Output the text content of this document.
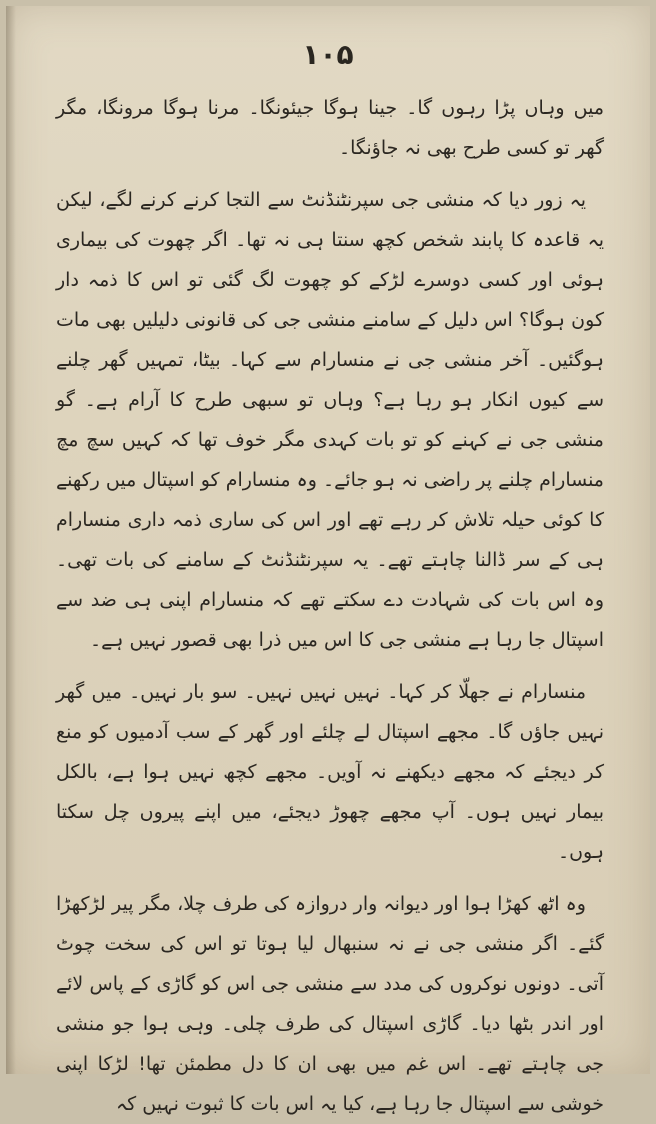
۱۰۵

میں وہاں پڑا رہوں گا۔ جینا ہوگا جیئونگا۔ مرنا ہوگا مرونگا، مگر گھر تو کسی طرح بھی نہ جاؤنگا۔

یہ زور دیا کہ منشی جی سپرنٹنڈنٹ سے التجا کرنے کرنے لگے، لیکن یہ قاعدہ کا پابند شخص کچھ سنتا ہی نہ تھا۔ اگر چھوت کی بیماری ہوئی اور کسی دوسرے لڑکے کو چھوت لگ گئی تو اس کا ذمہ دار کون ہوگا؟ اس دلیل کے سامنے منشی جی کی قانونی دلیلیں بھی مات ہوگئیں۔ آخر منشی جی نے منسارام سے کہا۔ بیٹا، تمہیں گھر چلنے سے کیوں انکار ہو رہا ہے؟ وہاں تو سبھی طرح کا آرام ہے۔ گو منشی جی نے کہنے کو تو بات کہدی مگر خوف تھا کہ کہیں سچ مچ منسارام چلنے پر راضی نہ ہو جائے۔ وہ منسارام کو اسپتال میں رکھنے کا کوئی حیلہ تلاش کر رہے تھے اور اس کی ساری ذمہ داری منسارام ہی کے سر ڈالنا چاہتے تھے۔ یہ سپرنٹنڈنٹ کے سامنے کی بات تھی۔ وہ اس بات کی شہادت دے سکتے تھے کہ منسارام اپنی ہی ضد سے اسپتال جا رہا ہے منشی جی کا اس میں ذرا بھی قصور نہیں ہے۔

منسارام نے جھلّا کر کہا۔ نہیں نہیں نہیں۔ سو بار نہیں۔ میں گھر نہیں جاؤں گا۔ مجھے اسپتال لے چلئے اور گھر کے سب آدمیوں کو منع کر دیجئے کہ مجھے دیکھنے نہ آویں۔ مجھے کچھ نہیں ہوا ہے، بالکل بیمار نہیں ہوں۔ آپ مجھے چھوڑ دیجئے، میں اپنے پیروں چل سکتا ہوں۔

وہ اٹھ کھڑا ہوا اور دیوانہ وار دروازہ کی طرف چلا، مگر پیر لڑکھڑا گئے۔ اگر منشی جی نے نہ سنبھال لیا ہوتا تو اس کی سخت چوٹ آتی۔ دونوں نوکروں کی مدد سے منشی جی اس کو گاڑی کے پاس لائے اور اندر بٹھا دیا۔ گاڑی اسپتال کی طرف چلی۔ وہی ہوا جو منشی جی چاہتے تھے۔ اس غم میں بھی ان کا دل مطمئن تھا! لڑکا اپنی خوشی سے اسپتال جا رہا ہے، کیا یہ اس بات کا ثبوت نہیں کہ
